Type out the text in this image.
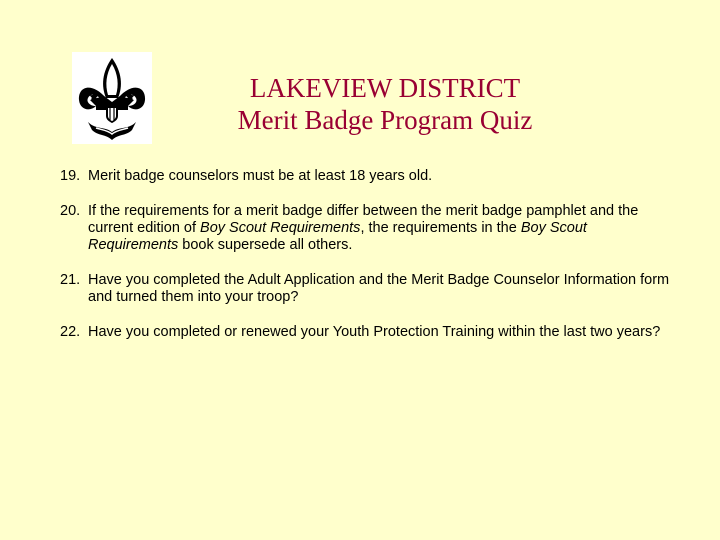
LAKEVIEW DISTRICT
Merit Badge Program Quiz
19. Merit badge counselors must be at least 18 years old.
20. If the requirements for a merit badge differ between the merit badge pamphlet and the current edition of Boy Scout Requirements, the requirements in the Boy Scout Requirements book supersede all others.
21. Have you completed the Adult Application and the Merit Badge Counselor Information form and turned them into your troop?
22. Have you completed or renewed your Youth Protection Training within the last two years?
